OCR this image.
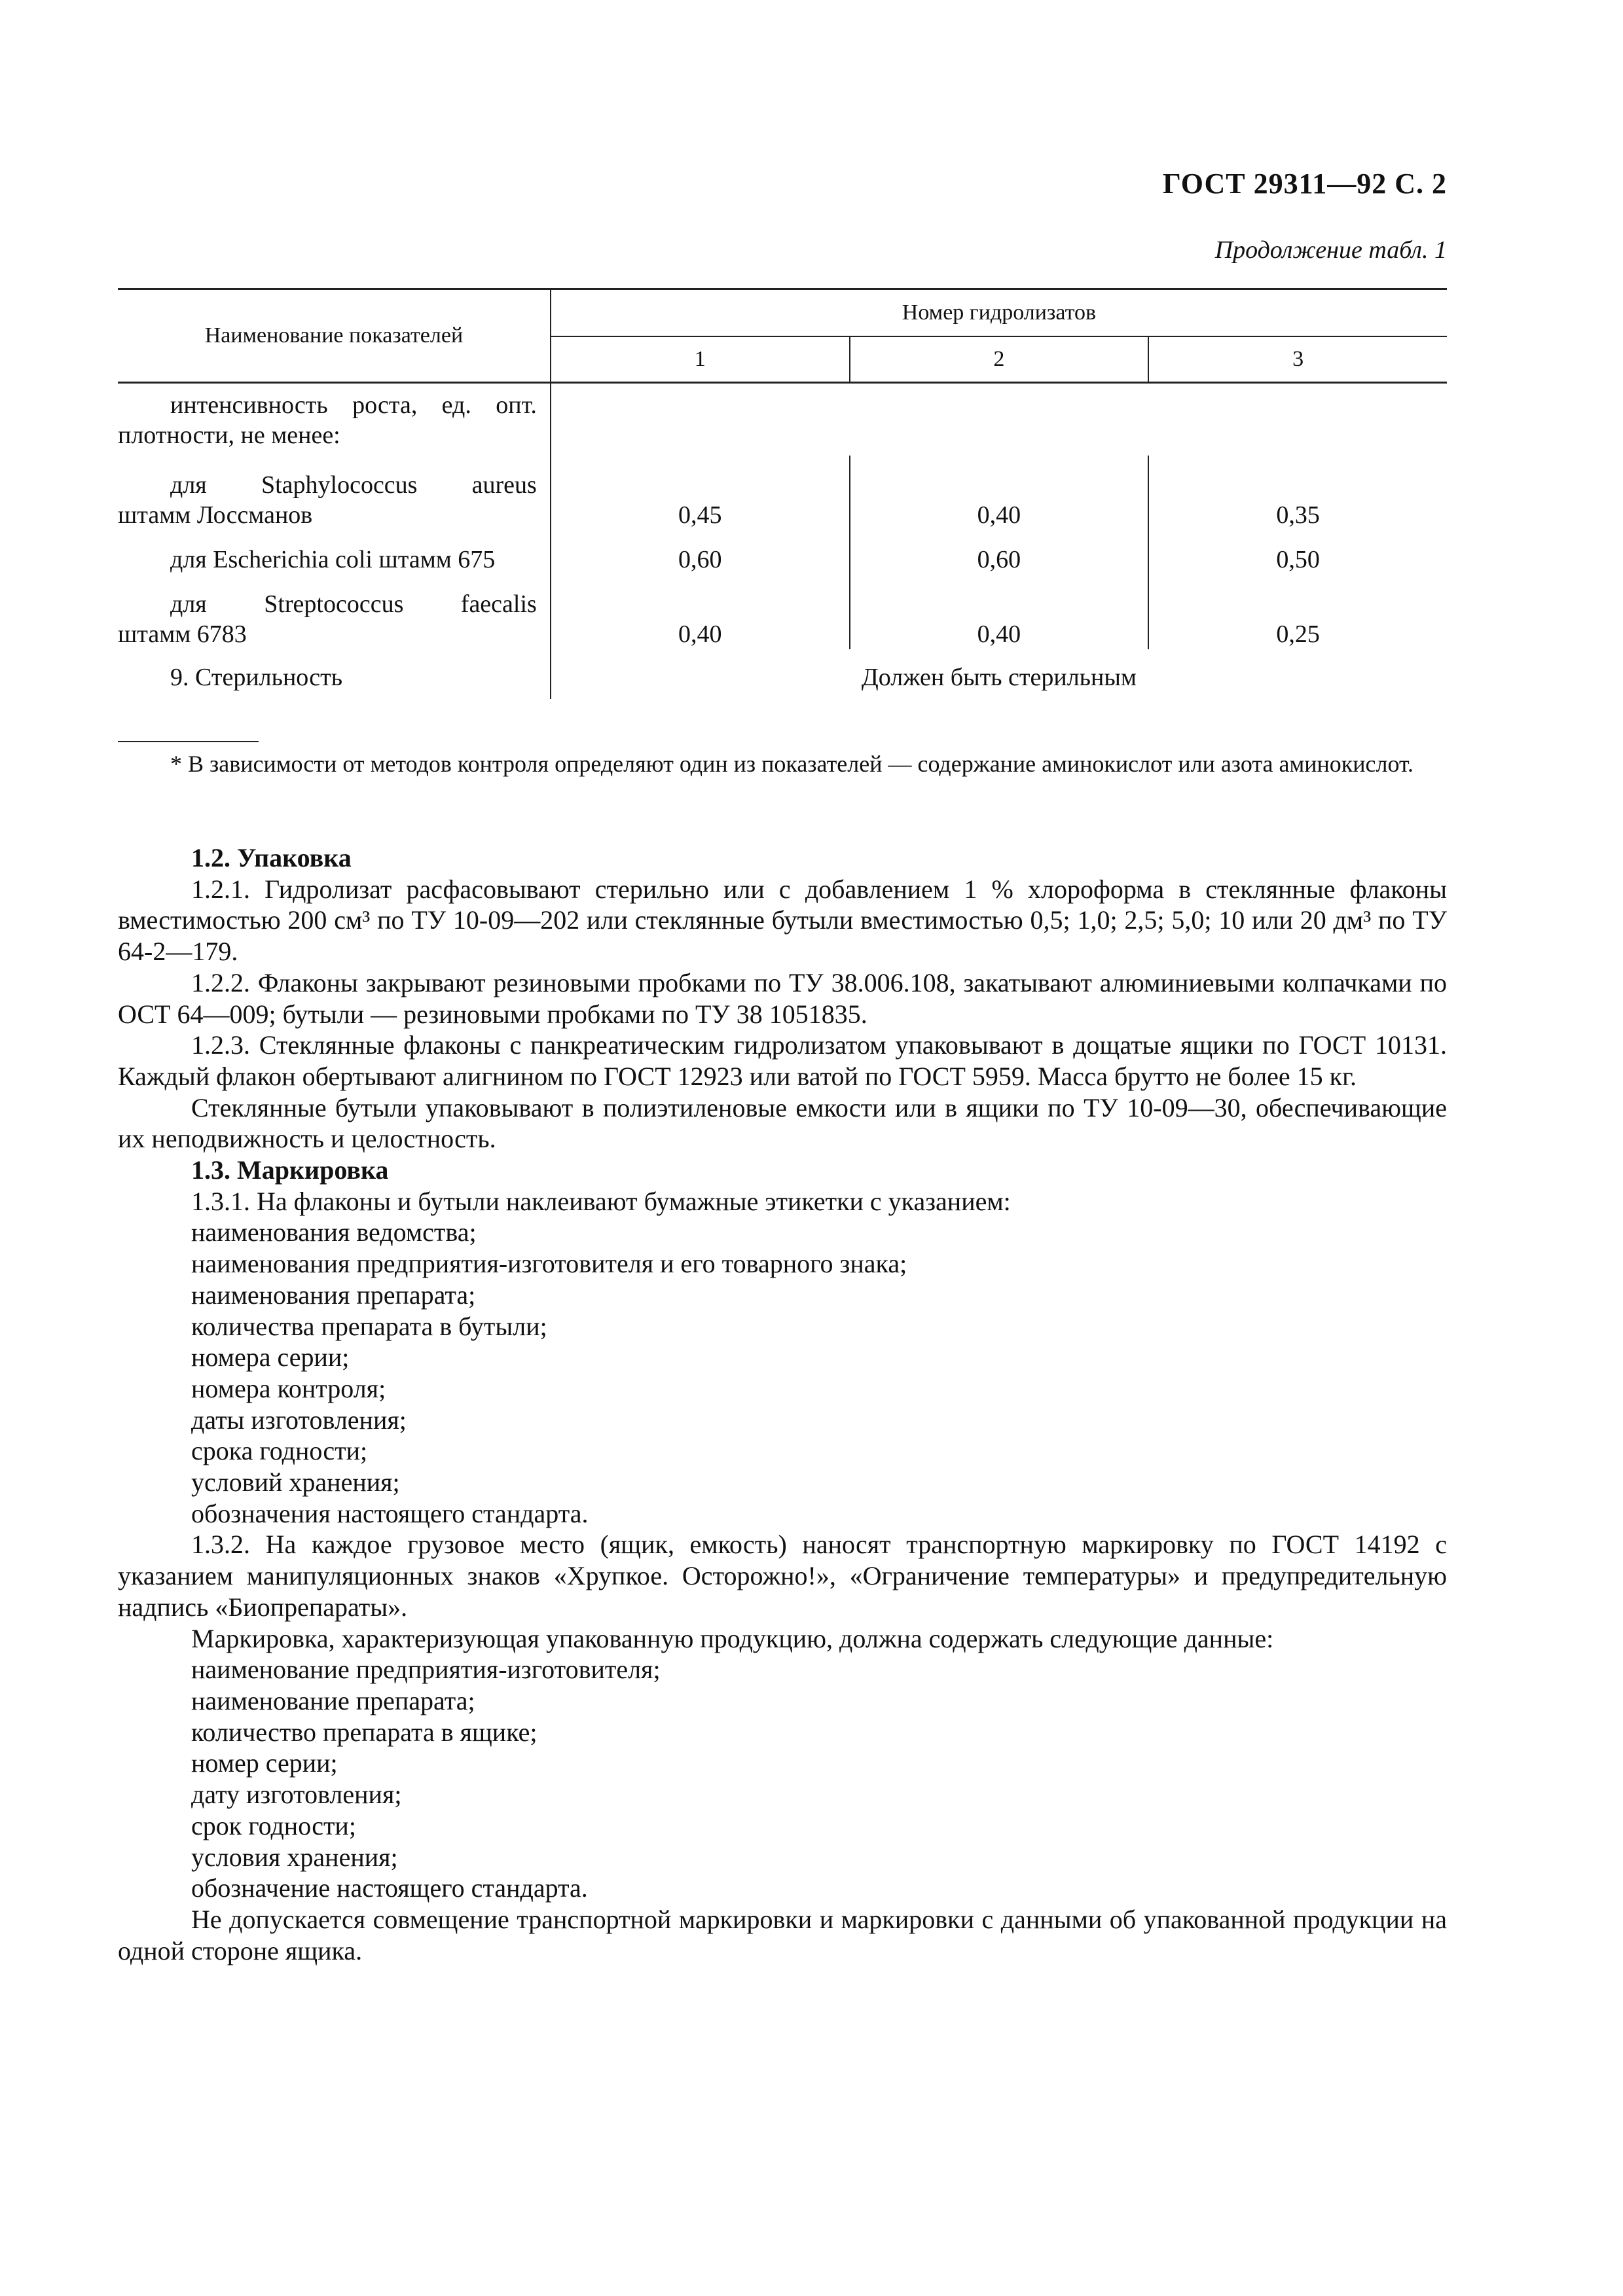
ГОСТ 29311—92 С. 2
Продолжение табл. 1
Наименование показателей	Номер гидролизатов		
	1	2	3

интенсивность роста, ед. опт. плотности, не менее:			

для Staphylococcus aureus
штамм Лоссманов	0,45	0,40	0,35

для Escherichia coli штамм 675	0,60	0,60	0,50

для Streptococcus faecalis
штамм 6783	0,40	0,40	0,25

9. Стерильность	Должен быть стерильным		
* В зависимости от методов контроля определяют один из показателей — содержание аминокислот или азота аминокислот.

1.2. Упаковка

1.2.1. Гидролизат расфасовывают стерильно или с добавлением 1 % хлороформа в стеклянные флаконы вместимостью 200 см³ по ТУ 10-09—202 или стеклянные бутыли вместимостью 0,5; 1,0; 2,5; 5,0; 10 или 20 дм³ по ТУ 64-2—179.

1.2.2. Флаконы закрывают резиновыми пробками по ТУ 38.006.108, закатывают алюминиевыми колпачками по ОСТ 64—009; бутыли — резиновыми пробками по ТУ 38 1051835.

1.2.3. Стеклянные флаконы с панкреатическим гидролизатом упаковывают в дощатые ящики по ГОСТ 10131. Каждый флакон обертывают алигнином по ГОСТ 12923 или ватой по ГОСТ 5959. Масса брутто не более 15 кг.

Стеклянные бутыли упаковывают в полиэтиленовые емкости или в ящики по ТУ 10-09—30, обеспечивающие их неподвижность и целостность.

1.3. Маркировка

1.3.1. На флаконы и бутыли наклеивают бумажные этикетки с указанием:

наименования ведомства;

наименования предприятия-изготовителя и его товарного знака;

наименования препарата;

количества препарата в бутыли;

номера серии;

номера контроля;

даты изготовления;

срока годности;

условий хранения;

обозначения настоящего стандарта.

1.3.2. На каждое грузовое место (ящик, емкость) наносят транспортную маркировку по ГОСТ 14192 с указанием манипуляционных знаков «Хрупкое. Осторожно!», «Ограничение температуры» и предупредительную надпись «Биопрепараты».

Маркировка, характеризующая упакованную продукцию, должна содержать следующие данные:

наименование предприятия-изготовителя;

наименование препарата;

количество препарата в ящике;

номер серии;

дату изготовления;

срок годности;

условия хранения;

обозначение настоящего стандарта.

Не допускается совмещение транспортной маркировки и маркировки с данными об упакованной продукции на одной стороне ящика.
